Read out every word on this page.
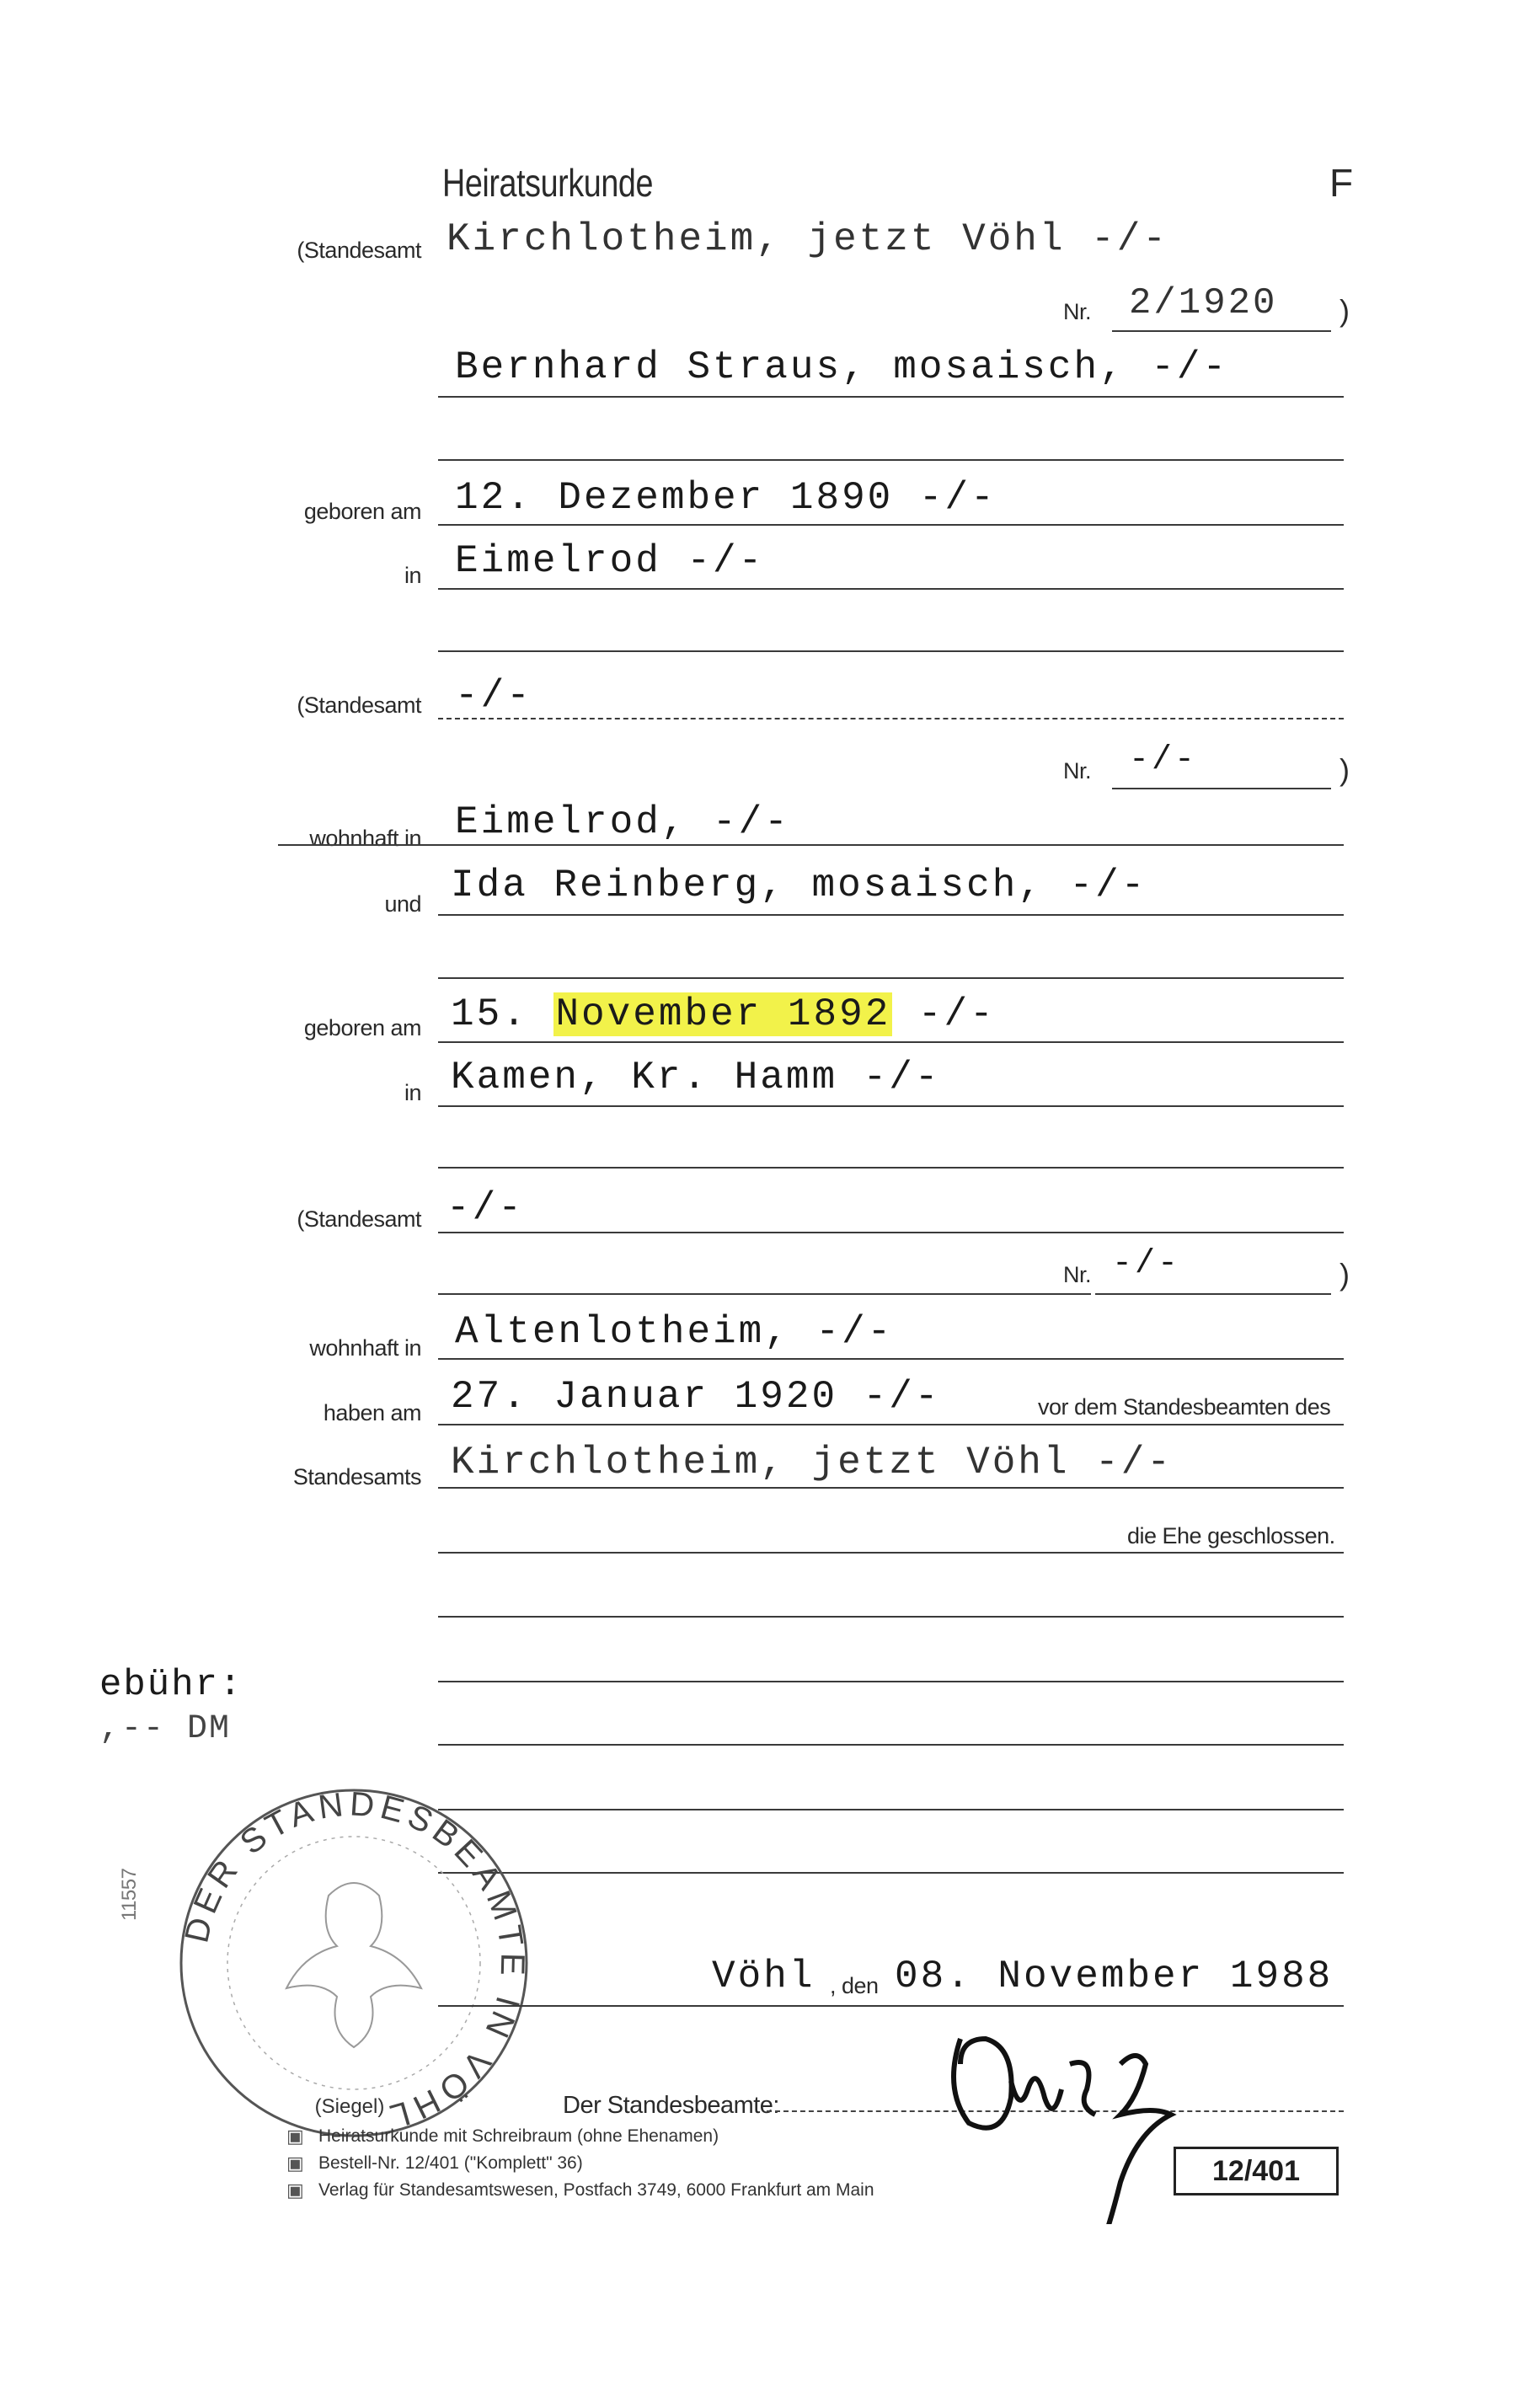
Heiratsurkunde	F
(Standesamt Kirchlotheim, jetzt Vöhl -/-
Nr. 2/1920 )
Bernhard Straus, mosaisch, -/-
geboren am 12. Dezember 1890 -/-
in Eimelrod -/-
(Standesamt -/-
Nr. -/-	)
wohnhaft in Eimelrod, -/-
und Ida Reinberg, mosaisch, -/-
geboren am 15. November 1892 -/-
in Kamen, Kr. Hamm -/-
(Standesamt -/-
Nr. -/-	)
wohnhaft in Altenlotheim, -/-
haben am 27. Januar 1920 -/-	vor dem Standesbeamten des
Standesamts Kirchlotheim, jetzt Vöhl -/-
die Ehe geschlossen.
ebühr:
,-- DM
11557
DER STANDESBEAMTE IN VÖHL
(Siegel)
Vöhl , den 08. November 1988
Der Standesbeamte:
12/401
Heiratsurkunde mit Schreibraum (ohne Ehenamen)
Bestell-Nr. 12/401 ("Komplett" 36)
Verlag für Standesamtswesen, Postfach 3749, 6000 Frankfurt am Main
▣
▣
▣
